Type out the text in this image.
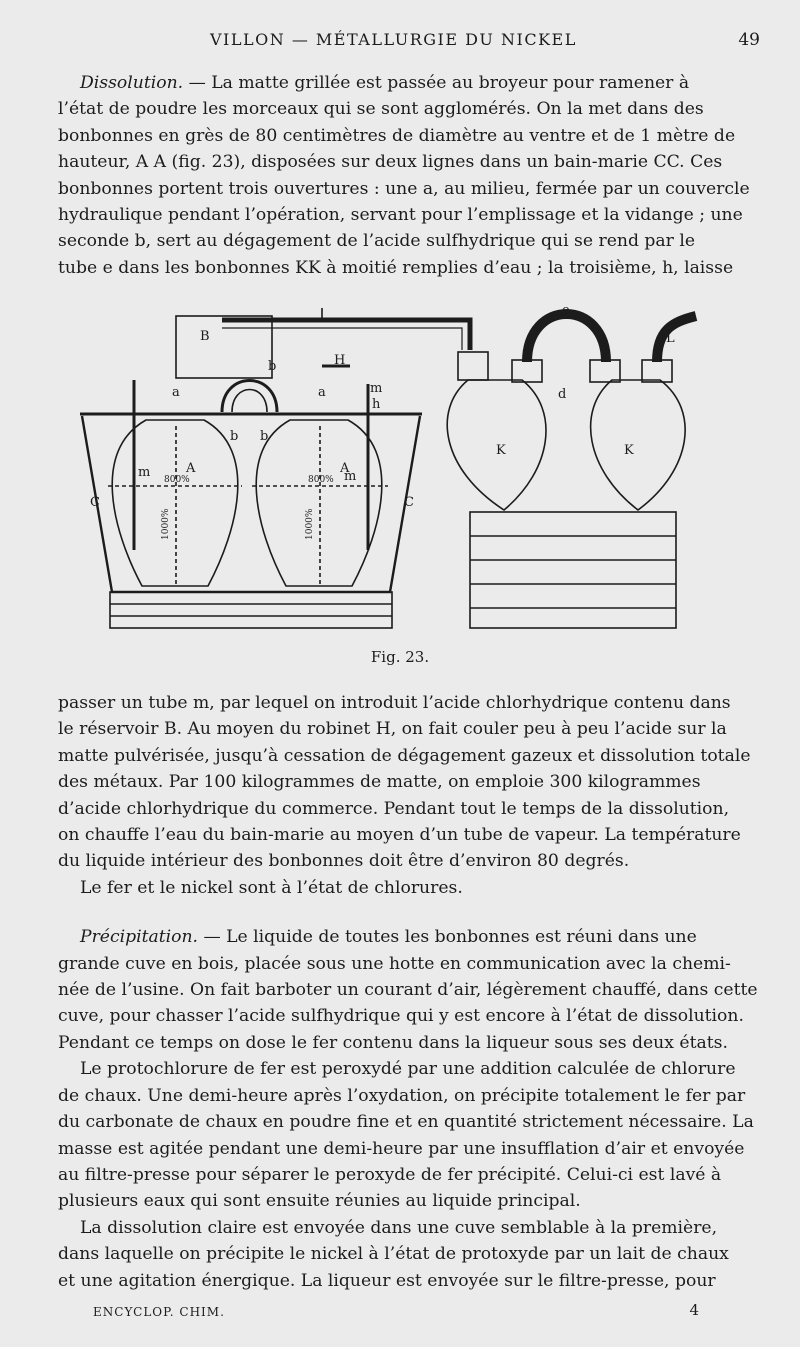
VILLON — MÉTALLURGIE DU NICKEL	49

Dissolution. — La matte grillée est passée au broyeur pour ramener à

l’état de poudre les morceaux qui se sont agglomérés. On la met dans des

bonbonnes en grès de 80 centimètres de diamètre au ventre et de 1 mètre de

hauteur, A A (fig. 23), disposées sur deux lignes dans un bain-marie CC. Ces

bonbonnes portent trois ouvertures : une a, au milieu, fermée par un couvercle

hydraulique pendant l’opération, servant pour l’emplissage et la vidange ; une

seconde b, sert au dégagement de l’acide sulfhydrique qui se rend par le

tube e dans les bonbonnes KK à moitié remplies d’eau ; la troisième, h, laisse

B
e
L
H
b
b b
a	a	m
h
d
m	m
A	A
K	K
C	C
800%	800%
1000%	1000%
Fig. 23.

passer un tube m, par lequel on introduit l’acide chlorhydrique contenu dans

le réservoir B. Au moyen du robinet H, on fait couler peu à peu l’acide sur la

matte pulvérisée, jusqu’à cessation de dégagement gazeux et dissolution totale

des métaux. Par 100 kilogrammes de matte, on emploie 300 kilogrammes

d’acide chlorhydrique du commerce. Pendant tout le temps de la dissolution,

on chauffe l’eau du bain-marie au moyen d’un tube de vapeur. La température

du liquide intérieur des bonbonnes doit être d’environ 80 degrés.

Le fer et le nickel sont à l’état de chlorures.

Précipitation. — Le liquide de toutes les bonbonnes est réuni dans une

grande cuve en bois, placée sous une hotte en communication avec la chemi-

née de l’usine. On fait barboter un courant d’air, légèrement chauffé, dans cette

cuve, pour chasser l’acide sulfhydrique qui y est encore à l’état de dissolution.

Pendant ce temps on dose le fer contenu dans la liqueur sous ses deux états.

Le protochlorure de fer est peroxydé par une addition calculée de chlorure

de chaux. Une demi-heure après l’oxydation, on précipite totalement le fer par

du carbonate de chaux en poudre fine et en quantité strictement nécessaire. La

masse est agitée pendant une demi-heure par une insufflation d’air et envoyée

au filtre-presse pour séparer le peroxyde de fer précipité. Celui-ci est lavé à

plusieurs eaux qui sont ensuite réunies au liquide principal.

La dissolution claire est envoyée dans une cuve semblable à la première,

dans laquelle on précipite le nickel à l’état de protoxyde par un lait de chaux

et une agitation énergique. La liqueur est envoyée sur le filtre-presse, pour

ENCYCLOP. CHIM.	4
